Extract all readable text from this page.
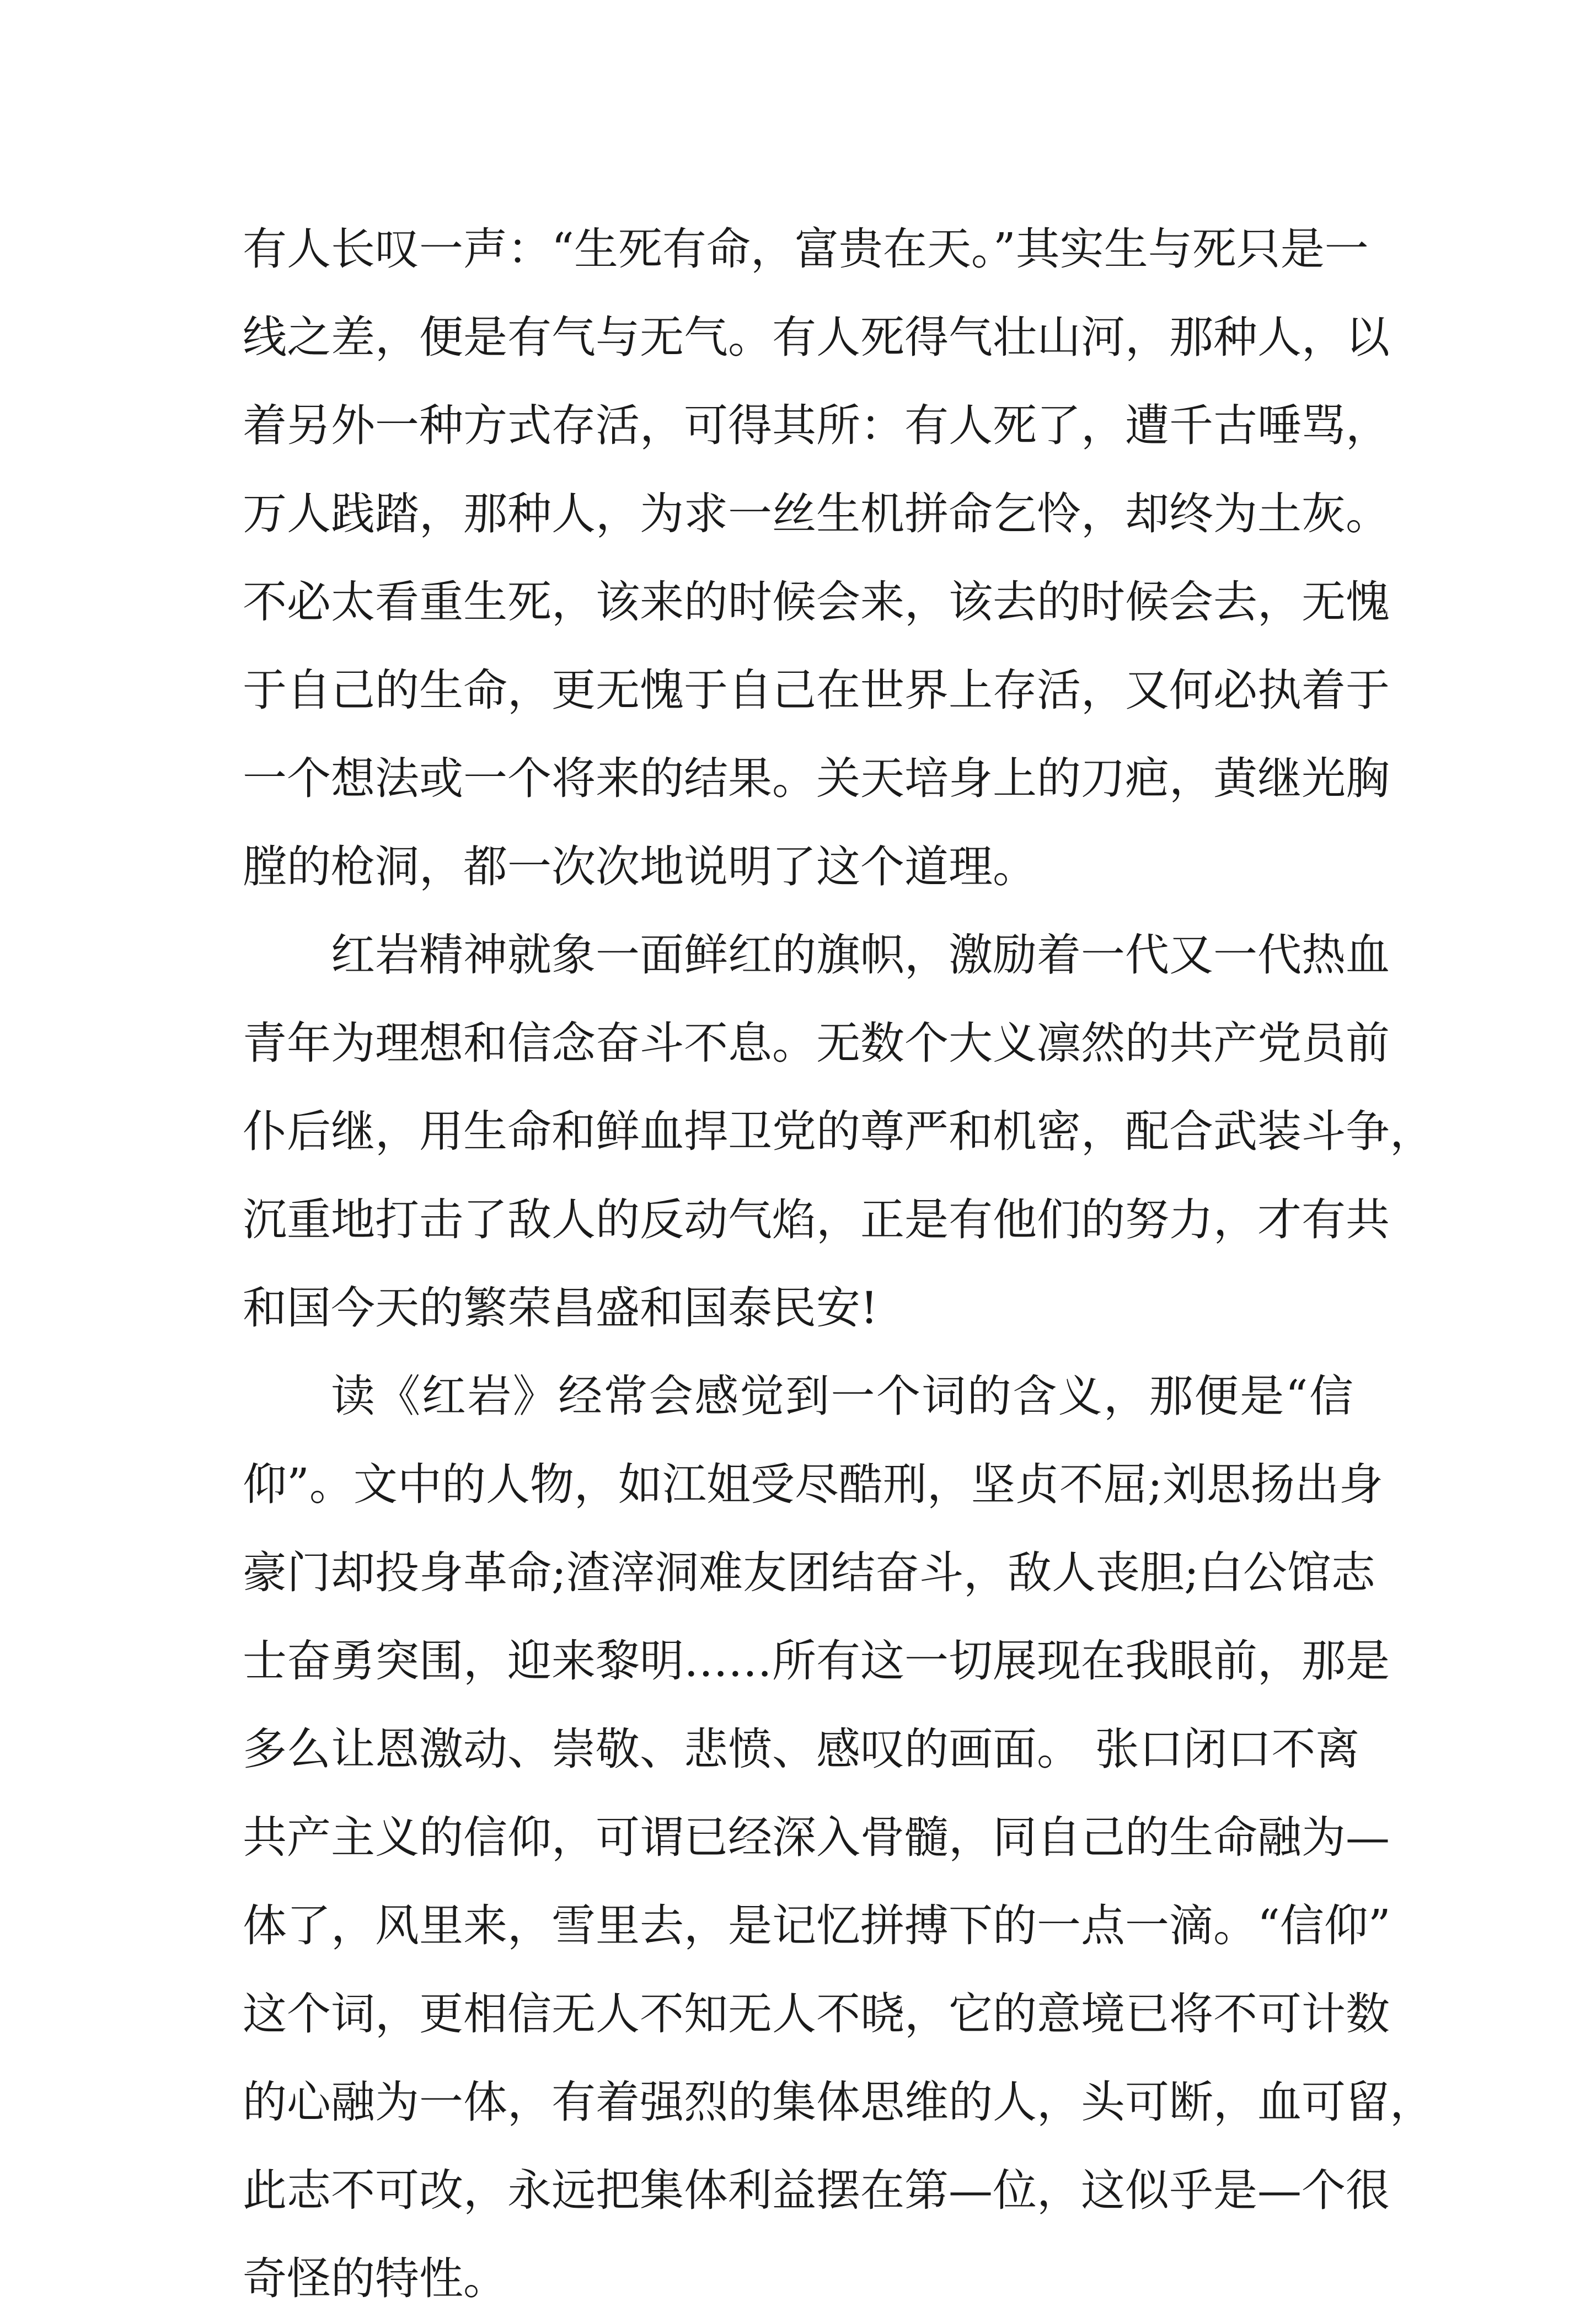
有人长叹一声：“生死有命，富贵在天。”其实生与死只是一
线之差，便是有气与无气。有人死得气壮山河，那种人，以
着另外一种方式存活，可得其所：有人死了，遭千古唾骂，
万人践踏，那种人，为求一丝生机拼命乞怜，却终为土灰。
不必太看重生死，该来的时候会来，该去的时候会去，无愧
于自己的生命，更无愧于自己在世界上存活，又何必执着于
一个想法或一个将来的结果。关天培身上的刀疤，黄继光胸
膛的枪洞，都一次次地说明了这个道理。
红岩精神就象一面鲜红的旗帜，激励着一代又一代热血
青年为理想和信念奋斗不息。无数个大义凛然的共产党员前
仆后继，用生命和鲜血捍卫党的尊严和机密，配合武装斗争，
沉重地打击了敌人的反动气焰，正是有他们的努力，才有共
和国今天的繁荣昌盛和国泰民安!
读《红岩》经常会感觉到一个词的含义，那便是“信
仰”。文中的人物，如江姐受尽酷刑，坚贞不屈;刘思扬出身
豪门却投身革命;渣滓洞难友团结奋斗，敌人丧胆;白公馆志
士奋勇突围，迎来黎明……所有这一切展现在我眼前，那是
多么让恩激动、崇敬、悲愤、感叹的画面。 张口闭口不离
共产主义的信仰，可谓已经深入骨髓，同自己的生命融为—
体了，风里来，雪里去，是记忆拼搏下的一点一滴。“信仰”
这个词，更相信无人不知无人不晓，它的意境已将不可计数
的心融为一体，有着强烈的集体思维的人，头可断，血可留，
此志不可改，永远把集体利益摆在第—位，这似乎是—个很
奇怪的特性。
